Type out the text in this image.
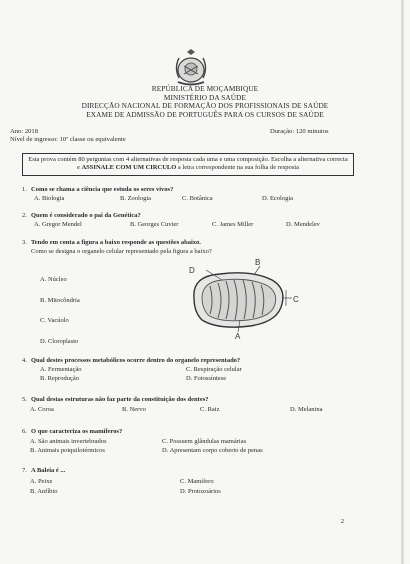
REPÚBLICA DE MOÇAMBIQUE
MINISTÉRIO DA SAÚDE
DIRECÇÃO NACIONAL DE FORMAÇÃO DOS PROFISSIONAIS DE SAÚDE
EXAME DE ADMISSÃO DE PORTUGUÊS PARA OS CURSOS DE SAÚDE
Ano: 2018	Duração: 120 minutos
Nível de ingresso: 10ª classe ou equivalente
Esta prova contém 80 perguntas com 4 alternativas de resposta cada uma e uma composição. Escolha a alternativa correcta e ASSINALE COM UM CIRCULO a letra correspondente na sua folha de resposta
1. Como se chama a ciência que estuda os seres vivos?
A. Biologia	B. Zoologia	C. Botânica	D. Ecologia
2. Quem é considerado o pai da Genética?
A. Gregor Mendel	B. Georges Cuvier	C. James Miller	D. Mendelev
3. Tendo em conta a figura a baixo responde as questões abaixo.
Como se designa o organelo celular representado pela figura a baixo?
A. Núcleo
B. Mitocôndria
C. Vacúolo
D. Cloroplasto
B
D
C
A
4. Qual destes processos metabólicos ocorre dentro do organelo representado?
A. Fermentação	C. Respiração celular
B. Reprodução	D. Fotossíntese
5. Qual destas estruturas não faz parte da constituição dos dentes?
A. Coroa	B. Nervo	C. Raiz	D. Melanina
6. O que caracteriza os mamíferos?
A. São animais invertebrados	C. Possuem glândulas mamárias
B. Animais poiquilotérmicos	D. Apresentam corpo coberto de penas
7. A Baleia é ...
A. Peixe	C. Mamífero
B. Anfíbio	D. Protozoários
2
